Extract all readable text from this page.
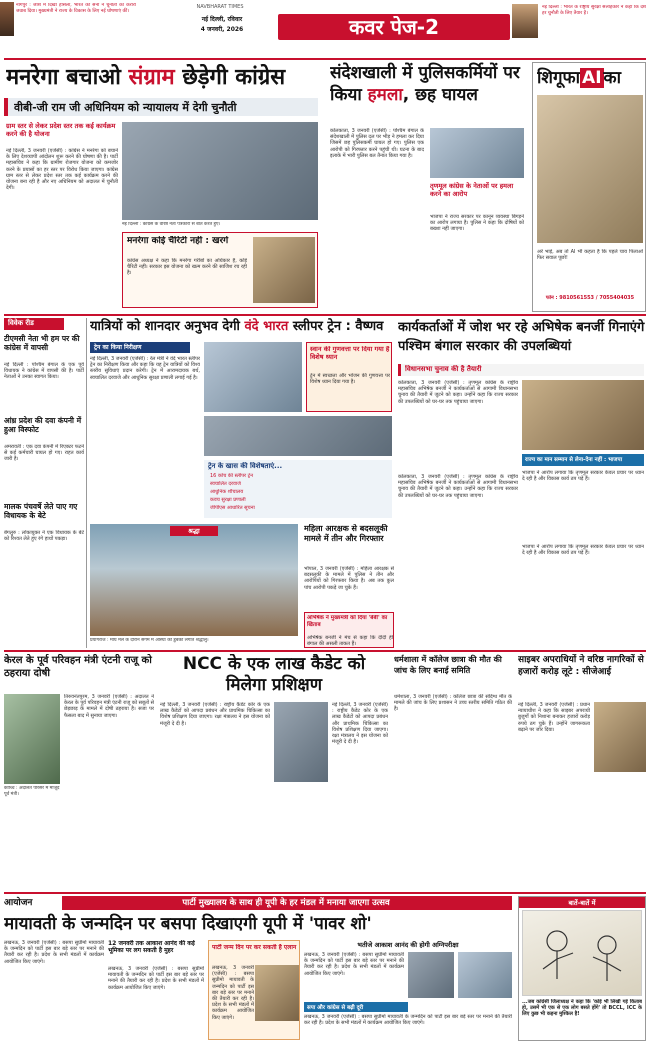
नागपुर : जोश में दिखा हौसला, भारत की सेना ने चुनौती का करारा जवाब दिया। मुख्यमंत्री ने राज्य के विकास के लिए नई घोषणाएं कीं।
NAVBHARAT TIMES
नई दिल्ली, रविवार
4 जनवरी, 2026	कवर पेज-2
नई दिल्ली : भारत के राष्ट्रीय सुरक्षा सलाहकार ने कहा कि देश हर चुनौती के लिए तैयार है।
मनरेगा बचाओ संग्राम छेड़ेगी कांग्रेस
वीबी-जी राम जी अधिनियम को न्यायालय में देगी चुनौती
ग्राम स्तर से लेकर प्रदेश स्तर तक कई कार्यक्रम करने की है योजना
नई दिल्ली, 3 जनवरी (एजेंसी) : कांग्रेस ने मनरेगा को बचाने के लिए देशव्यापी आंदोलन शुरू करने की घोषणा की है। पार्टी महासचिव ने कहा कि ग्रामीण रोजगार योजना को कमजोर करने के प्रयासों का हर स्तर पर विरोध किया जाएगा। कांग्रेस ग्राम स्तर से लेकर प्रदेश स्तर तक कई कार्यक्रम करने की योजना बना रही है और नए अधिनियम को अदालत में चुनौती देगी।
नई दिल्ली : कांग्रेस के वरिष्ठ नेता पत्रकारों से बात करते हुए।
मनरेगा कोई चैरिटी नहीं : खरगे
कांग्रेस अध्यक्ष ने कहा कि मनरेगा गरीबों का अधिकार है, कोई चैरिटी नहीं। सरकार इस योजना को खत्म करने की साजिश रच रही है।
संदेशखाली में पुलिसकर्मियों पर किया हमला, छह घायल
कोलकाता, 3 जनवरी (एजेंसी) : पश्चिम बंगाल के संदेशखाली में पुलिस दल पर भीड़ ने हमला कर दिया जिसमें छह पुलिसकर्मी घायल हो गए। पुलिस एक आरोपी को गिरफ्तार करने पहुंची थी। घटना के बाद इलाके में भारी पुलिस बल तैनात किया गया है।
तृणमूल कांग्रेस के नेताओं पर हमला करने का आरोप
भाजपा ने राज्य सरकार पर कानून व्यवस्था बिगड़ने का आरोप लगाया है। पुलिस ने कहा कि दोषियों को बख्शा नहीं जाएगा।
शिगूफा AI का
अरे भाई, अब तो AI भी कहता है कि पहले चाय पिलाओ फिर सवाल पूछो!
फोन : 9810561553 / 7055404035
विवेक रीड
टीएमसी नेता भी हम पर की कांग्रेस में वापसी
नई दिल्ली : पश्चिम बंगाल के एक पूर्व विधायक ने कांग्रेस में वापसी की है। पार्टी नेताओं ने उनका स्वागत किया।
आंध्र प्रदेश की दवा कंपनी में हुआ विस्फोट
अमरावती : एक दवा कंपनी में रिएक्टर फटने से कई कर्मचारी घायल हो गए। राहत कार्य जारी है।
मालक पंचवर्षे लेते पाए गए विधायक के बेटे
बेंगलुरु : लोकायुक्त ने एक विधायक के बेटे को रिश्वत लेते हुए रंगे हाथों पकड़ा।
यात्रियों को शानदार अनुभव देगी वंदे भारत स्लीपर ट्रेन : वैष्णव
ट्रेन का किया निरीक्षण
नई दिल्ली, 3 जनवरी (एजेंसी) : रेल मंत्री ने वंदे भारत स्लीपर ट्रेन का निरीक्षण किया और कहा कि यह ट्रेन यात्रियों को विश्व स्तरीय सुविधाएं प्रदान करेगी। ट्रेन में आरामदायक बर्थ, स्वचालित दरवाजे और आधुनिक सुरक्षा प्रणाली लगाई गई है।
स्वान की गुणवत्ता पर दिया गया है विशेष ध्यान
ट्रेन में स्वच्छता और भोजन की गुणवत्ता पर विशेष ध्यान दिया गया है।
ट्रेन के खास की विशेषताएं...
16 कोच की स्लीपर ट्रेन
स्वचालित दरवाजे
आधुनिक शौचालय
कवच सुरक्षा प्रणाली
जीपीएस आधारित सूचना
कार्यकर्ताओं में जोश भर रहे अभिषेक बनर्जी गिनाएंगे पश्चिम बंगाल सरकार की उपलब्धियां
विधानसभा चुनाव की है तैयारी
कोलकाता, 3 जनवरी (एजेंसी) : तृणमूल कांग्रेस के राष्ट्रीय महासचिव अभिषेक बनर्जी ने कार्यकर्ताओं से आगामी विधानसभा चुनाव की तैयारी में जुटने को कहा। उन्होंने कहा कि राज्य सरकार की उपलब्धियों को घर-घर तक पहुंचाया जाएगा।
राज्य का मान सम्मान से लेना-देना नहीं : भाजपा
भाजपा ने आरोप लगाया कि तृणमूल सरकार केवल प्रचार पर ध्यान दे रही है और विकास कार्य ठप पड़े हैं।
कोलकाता, 3 जनवरी (एजेंसी) : तृणमूल कांग्रेस के राष्ट्रीय महासचिव अभिषेक बनर्जी ने कार्यकर्ताओं से आगामी विधानसभा चुनाव की तैयारी में जुटने को कहा। उन्होंने कहा कि राज्य सरकार की उपलब्धियों को घर-घर तक पहुंचाया जाएगा।
भाजपा ने आरोप लगाया कि तृणमूल सरकार केवल प्रचार पर ध्यान दे रही है और विकास कार्य ठप पड़े हैं।
श्रद्धा
प्रयागराज : माघ मेले के दौरान संगम में आस्था की डुबकी लगाते श्रद्धालु।
महिला आरक्षक से बदसलूकी मामले में तीन और गिरफ्तार
भोपाल, 3 जनवरी (एजेंसी) : महिला आरक्षक से बदसलूकी के मामले में पुलिस ने तीन और आरोपियों को गिरफ्तार किया है। अब तक कुल पांच आरोपी पकड़े जा चुके हैं।
अभिषेक ने मुख्यमंत्री को दिया 'बेबी' का खिताब
अभिषेक बनर्जी ने मंच से कहा कि दीदी ही बंगाल की असली ताकत हैं।
केरल के पूर्व परिवहन मंत्री एंटनी राजू को ठहराया दोषी
तिरुवनंतपुरम, 3 जनवरी (एजेंसी) : अदालत ने केरल के पूर्व परिवहन मंत्री एंटनी राजू को सबूतों से छेड़छाड़ के मामले में दोषी ठहराया है। सजा पर फैसला बाद में सुनाया जाएगा।
कोच्चि : अदालत परिसर में मौजूद पूर्व मंत्री।
NCC के एक लाख कैडेट को मिलेगा प्रशिक्षण
नई दिल्ली, 3 जनवरी (एजेंसी) : राष्ट्रीय कैडेट कोर के एक लाख कैडेटों को आपदा प्रबंधन और प्राथमिक चिकित्सा का विशेष प्रशिक्षण दिया जाएगा। रक्षा मंत्रालय ने इस योजना को मंजूरी दे दी है।
नई दिल्ली, 3 जनवरी (एजेंसी) : राष्ट्रीय कैडेट कोर के एक लाख कैडेटों को आपदा प्रबंधन और प्राथमिक चिकित्सा का विशेष प्रशिक्षण दिया जाएगा। रक्षा मंत्रालय ने इस योजना को मंजूरी दे दी है।
धर्मशाला में कॉलेज छात्रा की मौत की जांच के लिए बनाई समिति
धर्मशाला, 3 जनवरी (एजेंसी) : कॉलेज छात्रा की संदिग्ध मौत के मामले की जांच के लिए प्रशासन ने उच्च स्तरीय समिति गठित की है।
साइबर अपराधियों ने वरिष्ठ नागरिकों से हजारों करोड़ लूटे : सीजेआई
नई दिल्ली, 3 जनवरी (एजेंसी) : प्रधान न्यायाधीश ने कहा कि साइबर अपराधी बुजुर्गों को निशाना बनाकर हजारों करोड़ रुपये ठग चुके हैं। उन्होंने जागरूकता बढ़ाने पर जोर दिया।
आयोजन	पार्टी मुख्यालय के साथ ही यूपी के हर मंडल में मनाया जाएगा उत्सव
मायावती के जन्मदिन पर बसपा दिखाएगी यूपी में 'पावर शो'
लखनऊ, 3 जनवरी (एजेंसी) : बसपा सुप्रीमो मायावती के जन्मदिन को पार्टी इस बार बड़े स्तर पर मनाने की तैयारी कर रही है। प्रदेश के सभी मंडलों में कार्यक्रम आयोजित किए जाएंगे।
12 जनवरी तक आकाश आनंद की कई भूमिका पर लग सकती है मुहर
लखनऊ, 3 जनवरी (एजेंसी) : बसपा सुप्रीमो मायावती के जन्मदिन को पार्टी इस बार बड़े स्तर पर मनाने की तैयारी कर रही है। प्रदेश के सभी मंडलों में कार्यक्रम आयोजित किए जाएंगे।
पार्टी जन्म दिन पर कर सकती है एलान
लखनऊ, 3 जनवरी (एजेंसी) : बसपा सुप्रीमो मायावती के जन्मदिन को पार्टी इस बार बड़े स्तर पर मनाने की तैयारी कर रही है। प्रदेश के सभी मंडलों में कार्यक्रम आयोजित किए जाएंगे।
भतीजे आकाश आनंद की होगी अग्निपरीक्षा
लखनऊ, 3 जनवरी (एजेंसी) : बसपा सुप्रीमो मायावती के जन्मदिन को पार्टी इस बार बड़े स्तर पर मनाने की तैयारी कर रही है। प्रदेश के सभी मंडलों में कार्यक्रम आयोजित किए जाएंगे।
सपा और कांग्रेस से बढ़ी दूरी
लखनऊ, 3 जनवरी (एजेंसी) : बसपा सुप्रीमो मायावती के जन्मदिन को पार्टी इस बार बड़े स्तर पर मनाने की तैयारी कर रही है। प्रदेश के सभी मंडलों में कार्यक्रम आयोजित किए जाएंगे।
बातें-बातें में
...जब कांग्रेसी जिलाध्यक्ष ने कहा कि 'कोई भी लिखी गई किताब हो, उसमें भी एक से एक लोग बसते होंगे' तो BCCL, ICC के लिए कुछ भी कहना मुश्किल है!
